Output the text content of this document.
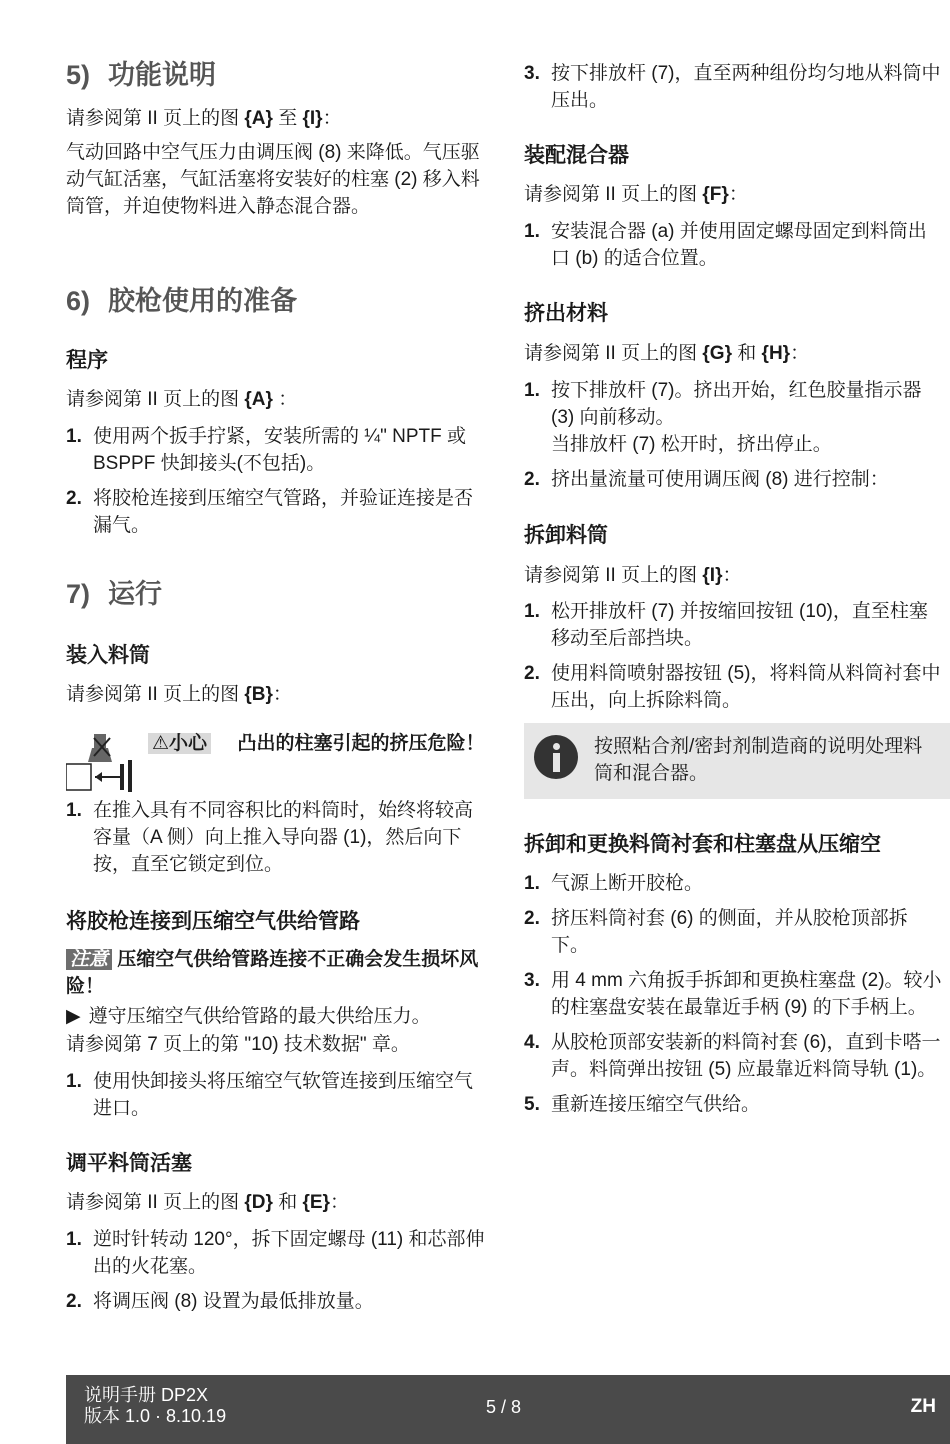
5) 功能说明

请参阅第 II 页上的图 {A} 至 {I}：

气动回路中空气压力由调压阀 (8) 来降低。气压驱动气缸活塞，气缸活塞将安装好的柱塞 (2) 移入料筒管，并迫使物料进入静态混合器。

6) 胶枪使用的准备
程序

请参阅第 II 页上的图 {A} ：

1. 使用两个扳手拧紧，安装所需的 ¼" NPTF 或 BSPPF 快卸接头(不包括)。
2. 将胶枪连接到压缩空气管路，并验证连接是否漏气。
7) 运行
装入料筒

请参阅第 II 页上的图 {B}：

⚠小心 凸出的柱塞引起的挤压危险！
1. 在推入具有不同容积比的料筒时，始终将较高容量（A 侧）向上推入导向器 (1)，然后向下按，直至它锁定到位。
将胶枪连接到压缩空气供给管路

注意 压缩空气供给管路连接不正确会发生损坏风险！

▶ 遵守压缩空气供给管路的最大供给压力。

请参阅第 7 页上的第 "10) 技术数据" 章。

1. 使用快卸接头将压缩空气软管连接到压缩空气进口。
调平料筒活塞

请参阅第 II 页上的图 {D} 和 {E}：

1. 逆时针转动 120°，拆下固定螺母 (11) 和芯部伸出的火花塞。
2. 将调压阀 (8) 设置为最低排放量。
3. 按下排放杆 (7)，直至两种组份均匀地从料筒中压出。
装配混合器

请参阅第 II 页上的图 {F}：

1. 安装混合器 (a) 并使用固定螺母固定到料筒出口 (b) 的适合位置。
挤出材料

请参阅第 II 页上的图 {G} 和 {H}：

1. 按下排放杆 (7)。挤出开始，红色胶量指示器 (3) 向前移动。
当排放杆 (7) 松开时，挤出停止。
2. 挤出量流量可使用调压阀 (8) 进行控制：
拆卸料筒

请参阅第 II 页上的图 {I}：

1. 松开排放杆 (7) 并按缩回按钮 (10)，直至柱塞移动至后部挡块。
2. 使用料筒喷射器按钮 (5)，将料筒从料筒衬套中压出，向上拆除料筒。

按照粘合剂/密封剂制造商的说明处理料筒和混合器。

拆卸和更换料筒衬套和柱塞盘从压缩空
1. 气源上断开胶枪。
2. 挤压料筒衬套 (6) 的侧面，并从胶枪顶部拆下。
3. 用 4 mm 六角扳手拆卸和更换柱塞盘 (2)。较小的柱塞盘安装在最靠近手柄 (9) 的下手柄上。
4. 从胶枪顶部安装新的料筒衬套 (6)，直到卡嗒一声。料筒弹出按钮 (5) 应最靠近料筒导轨 (1)。
5. 重新连接压缩空气供给。
说明手册 DP2X
版本 1.0 · 8.10.19	5 / 8	ZH
